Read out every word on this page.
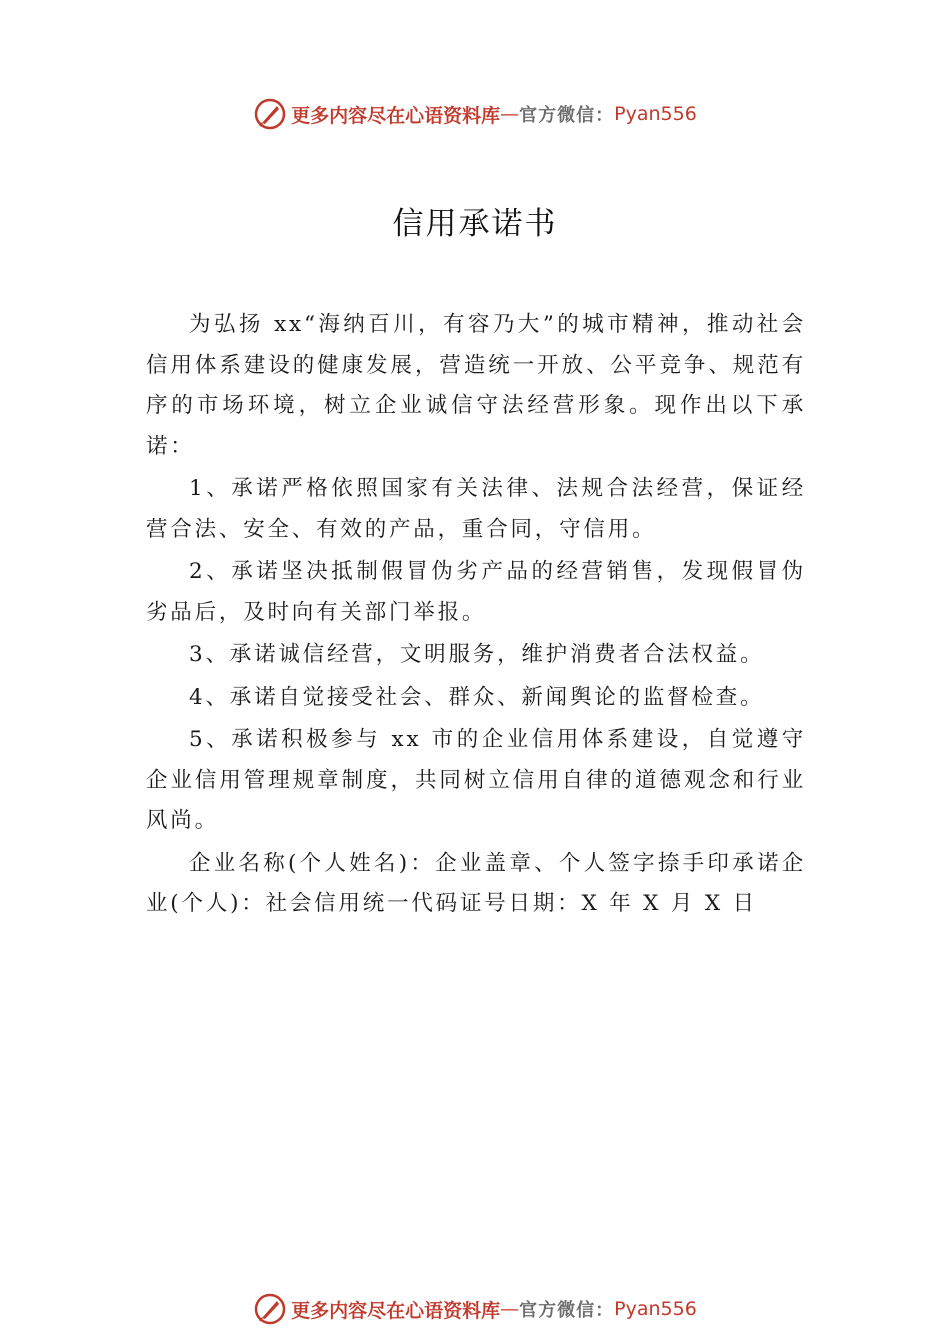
更多内容尽在心语资料库 — 官方微信： Pyan556
信用承诺书

为弘扬 xx“海纳百川，有容乃大”的城市精神，推动社会信用体系建设的健康发展，营造统一开放、公平竞争、规范有序的市场环境，树立企业诚信守法经营形象。现作出以下承诺：

1、承诺严格依照国家有关法律、法规合法经营，保证经营合法、安全、有效的产品，重合同，守信用。

2、承诺坚决抵制假冒伪劣产品的经营销售，发现假冒伪劣品后，及时向有关部门举报。

3、承诺诚信经营，文明服务，维护消费者合法权益。

4、承诺自觉接受社会、群众、新闻舆论的监督检查。

5、承诺积极参与 xx 市的企业信用体系建设，自觉遵守企业信用管理规章制度，共同树立信用自律的道德观念和行业风尚。

企业名称(个人姓名)：企业盖章、个人签字捺手印承诺企业(个人)：社会信用统一代码证号日期：X 年 X 月 X 日

更多内容尽在心语资料库 — 官方微信： Pyan556
